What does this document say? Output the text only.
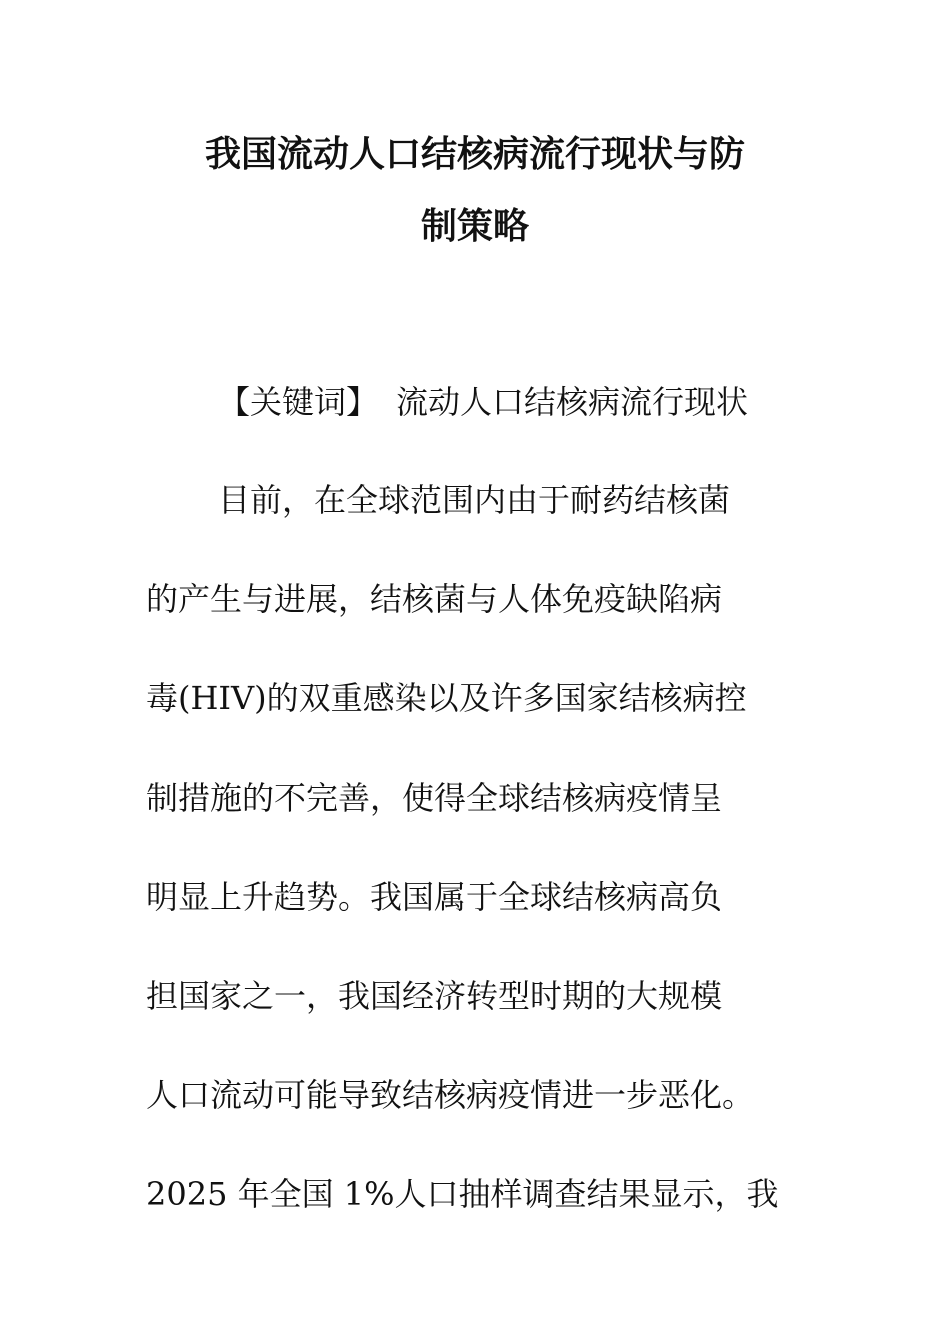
我国流动人口结核病流行现状与防
制策略
【关键词】 流动人口结核病流行现状
目前，在全球范围内由于耐药结核菌
的产生与进展，结核菌与人体免疫缺陷病
毒(HIV)的双重感染以及许多国家结核病控
制措施的不完善，使得全球结核病疫情呈
明显上升趋势。我国属于全球结核病高负
担国家之一，我国经济转型时期的大规模
人口流动可能导致结核病疫情进一步恶化。
2025 年全国 1%人口抽样调查结果显示，我
